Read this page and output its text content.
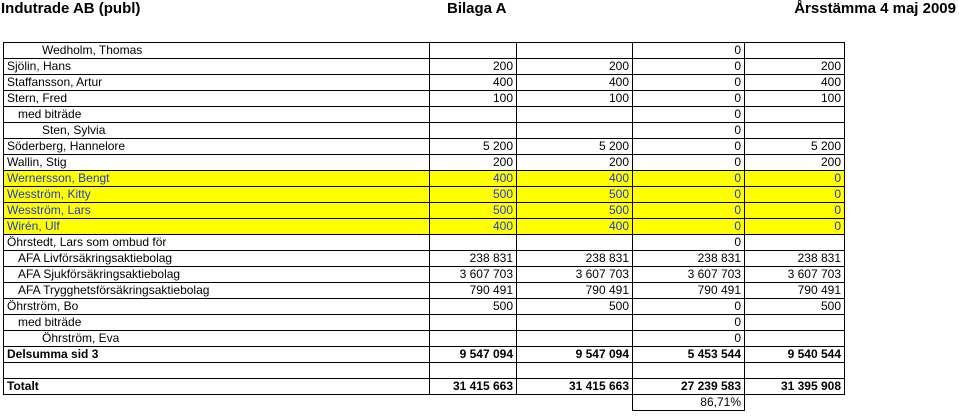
Indutrade AB (publ)	Bilaga A	Årsstämma 4 maj 2009
Wedholm, Thomas			0	
Sjölin, Hans	200	200	0	200
Staffansson, Artur	400	400	0	400
Stern, Fred	100	100	0	100
med biträde			0	
Sten, Sylvia			0	
Söderberg, Hannelore	5 200	5 200	0	5 200
Wallin, Stig	200	200	0	200
Wernersson, Bengt	400	400	0	0
Wesström, Kitty	500	500	0	0
Wesström, Lars	500	500	0	0
Wirén, Ulf	400	400	0	0
Öhrstedt, Lars som ombud för			0	
AFA Livförsäkringsaktiebolag	238 831	238 831	238 831	238 831
AFA Sjukförsäkringsaktiebolag	3 607 703	3 607 703	3 607 703	3 607 703
AFA Trygghetsförsäkringsaktiebolag	790 491	790 491	790 491	790 491
Öhrström, Bo	500	500	0	500
med biträde			0	
Öhrström, Eva			0	
Delsumma sid 3	9 547 094	9 547 094	5 453 544	9 540 544

Totalt	31 415 663	31 415 663	27 239 583	31 395 908
			86,71%	
